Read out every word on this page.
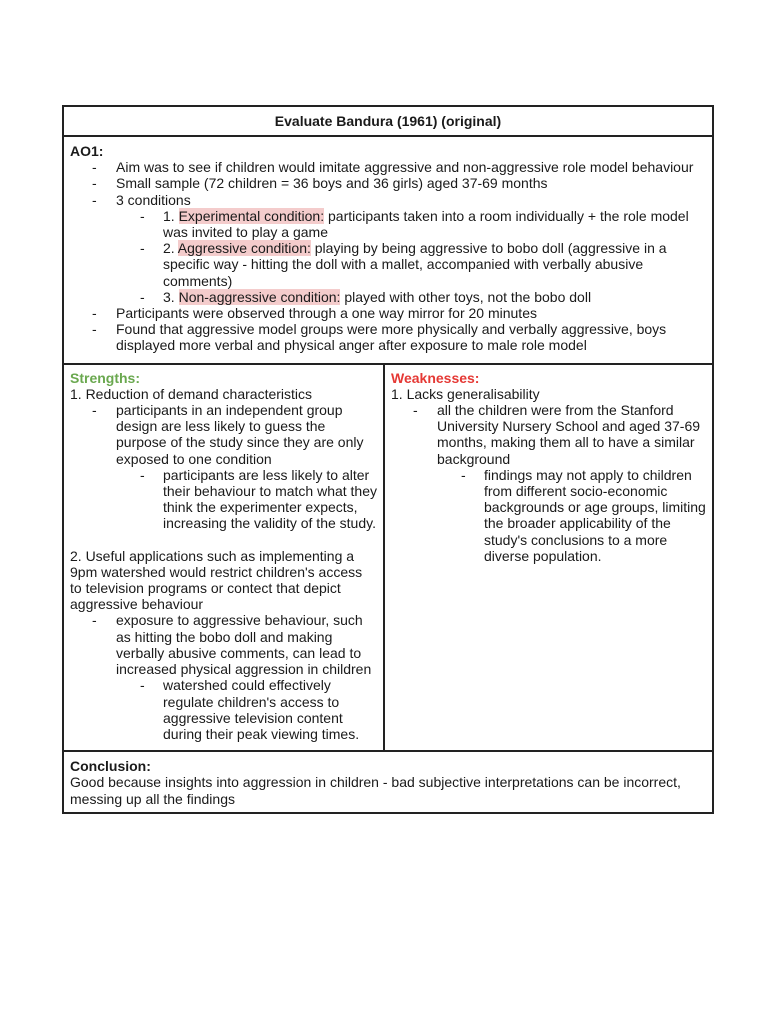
Evaluate Bandura (1961) (original)
AO1:
- Aim was to see if children would imitate aggressive and non-aggressive role model behaviour
- Small sample (72 children = 36 boys and 36 girls) aged 37-69 months
- 3 conditions
- 1. Experimental condition: participants taken into a room individually + the role model was invited to play a game
- 2. Aggressive condition: playing by being aggressive to bobo doll (aggressive in a specific way - hitting the doll with a mallet, accompanied with verbally abusive comments)
- 3. Non-aggressive condition: played with other toys, not the bobo doll
- Participants were observed through a one way mirror for 20 minutes
- Found that aggressive model groups were more physically and verbally aggressive, boys displayed more verbal and physical anger after exposure to male role model
Strengths:
1. Reduction of demand characteristics
- participants in an independent group design are less likely to guess the purpose of the study since they are only exposed to one condition
- participants are less likely to alter their behaviour to match what they think the experimenter expects, increasing the validity of the study.
2. Useful applications such as implementing a 9pm watershed would restrict children's access to television programs or contect that depict aggressive behaviour
- exposure to aggressive behaviour, such as hitting the bobo doll and making verbally abusive comments, can lead to increased physical aggression in children
- watershed could effectively regulate children's access to aggressive television content during their peak viewing times.
Weaknesses:
1. Lacks generalisability
- all the children were from the Stanford University Nursery School and aged 37-69 months, making them all to have a similar background
- findings may not apply to children from different socio-economic backgrounds or age groups, limiting the broader applicability of the study's conclusions to a more diverse population.
Conclusion:
Good because insights into aggression in children - bad subjective interpretations can be incorrect, messing up all the findings
